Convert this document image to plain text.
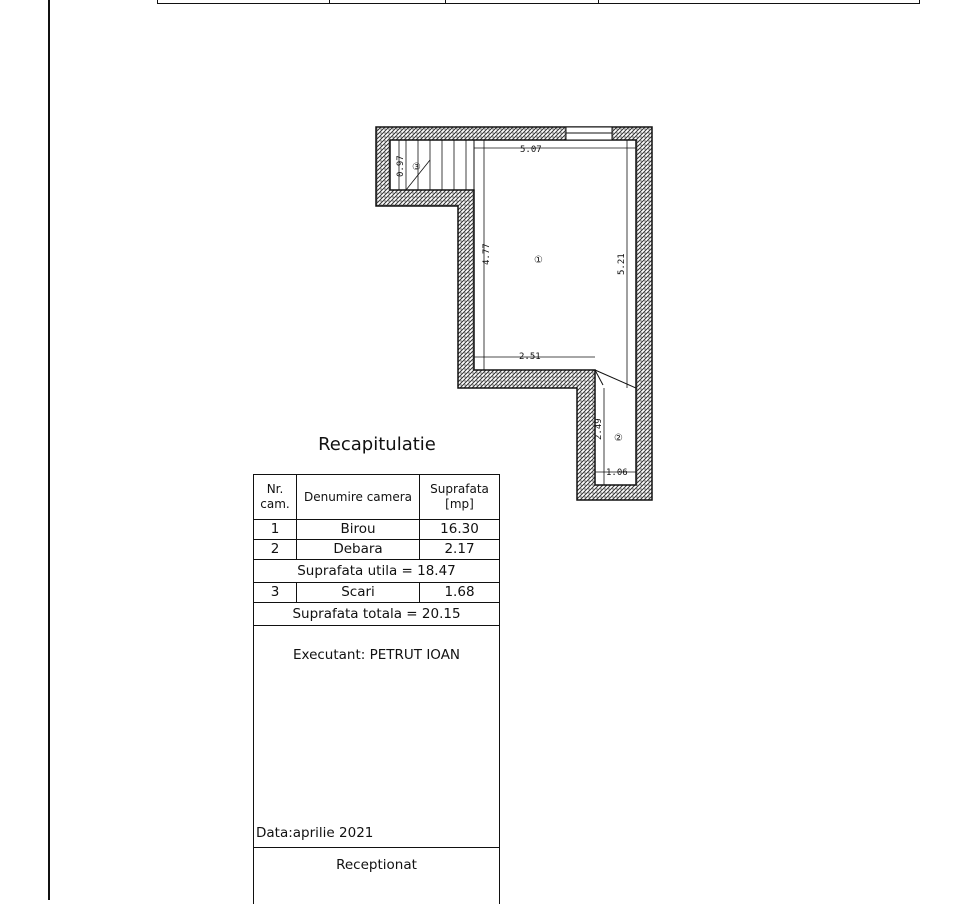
5.07
4.77	5.21
2.51
0.97
2.49
1.06
①
②
③
Recapitulatie
Nr. cam.	Denumire camera	Suprafata [mp]
1	Birou	16.30
2	Debara	2.17
Suprafata utila = 18.47		
3	Scari	1.68
Suprafata totala = 20.15		
Executant: PETRUT IOAN
Data:aprilie 2021
Receptionat
